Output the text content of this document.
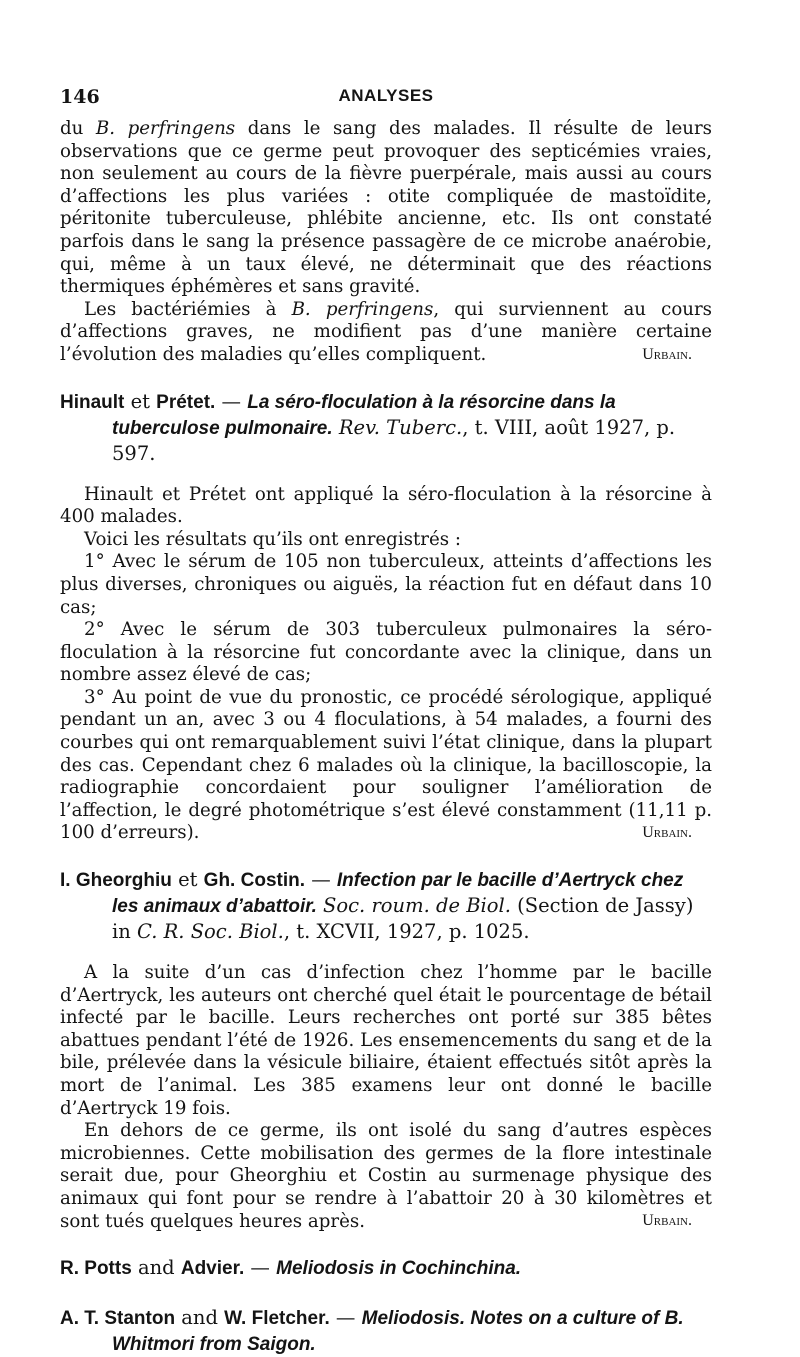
146	ANALYSES

du B. perfringens dans le sang des malades. Il résulte de leurs observations que ce germe peut provoquer des septicémies vraies, non seulement au cours de la fièvre puerpérale, mais aussi au cours d’affections les plus variées : otite compliquée de mastoïdite, péritonite tuberculeuse, phlébite ancienne, etc. Ils ont constaté parfois dans le sang la présence passagère de ce microbe anaérobie, qui, même à un taux élevé, ne déterminait que des réactions thermiques éphémères et sans gravité.

Les bactériémies à B. perfringens, qui surviennent au cours d’affections graves, ne modifient pas d’une manière certaine l’évolution des maladies qu’elles compliquent.	Urbain.
Hinault et Prétet. — La séro-floculation à la résorcine dans la tuberculose pulmonaire. Rev. Tuberc., t. VIII, août 1927, p. 597.

Hinault et Prétet ont appliqué la séro-floculation à la résorcine à 400 malades.

Voici les résultats qu’ils ont enregistrés :

1° Avec le sérum de 105 non tuberculeux, atteints d’affections les plus diverses, chroniques ou aiguës, la réaction fut en défaut dans 10 cas;

2° Avec le sérum de 303 tuberculeux pulmonaires la séro-floculation à la résorcine fut concordante avec la clinique, dans un nombre assez élevé de cas;

3° Au point de vue du pronostic, ce procédé sérologique, appliqué pendant un an, avec 3 ou 4 floculations, à 54 malades, a fourni des courbes qui ont remarquablement suivi l’état clinique, dans la plupart des cas. Cependant chez 6 malades où la clinique, la bacilloscopie, la radiographie concordaient pour souligner l’amélioration de l’affection, le degré photométrique s’est élevé constamment (11,11 p. 100 d’erreurs).	Urbain.
I. Gheorghiu et Gh. Costin. — Infection par le bacille d’Aertryck chez les animaux d’abattoir. Soc. roum. de Biol. (Section de Jassy) in C. R. Soc. Biol., t. XCVII, 1927, p. 1025.

A la suite d’un cas d’infection chez l’homme par le bacille d’Aertryck, les auteurs ont cherché quel était le pourcentage de bétail infecté par le bacille. Leurs recherches ont porté sur 385 bêtes abattues pendant l’été de 1926. Les ensemencements du sang et de la bile, prélevée dans la vésicule biliaire, étaient effectués sitôt après la mort de l’animal. Les 385 examens leur ont donné le bacille d’Aertryck 19 fois.

En dehors de ce germe, ils ont isolé du sang d’autres espèces microbiennes. Cette mobilisation des germes de la flore intestinale serait due, pour Gheorghiu et Costin au surmenage physique des animaux qui font pour se rendre à l’abattoir 20 à 30 kilomètres et sont tués quelques heures après.	Urbain.
R. Potts and Advier. — Meliodosis in Cochinchina.
A. T. Stanton and W. Fletcher. — Meliodosis. Notes on a culture of B. Whitmori from Saigon.
